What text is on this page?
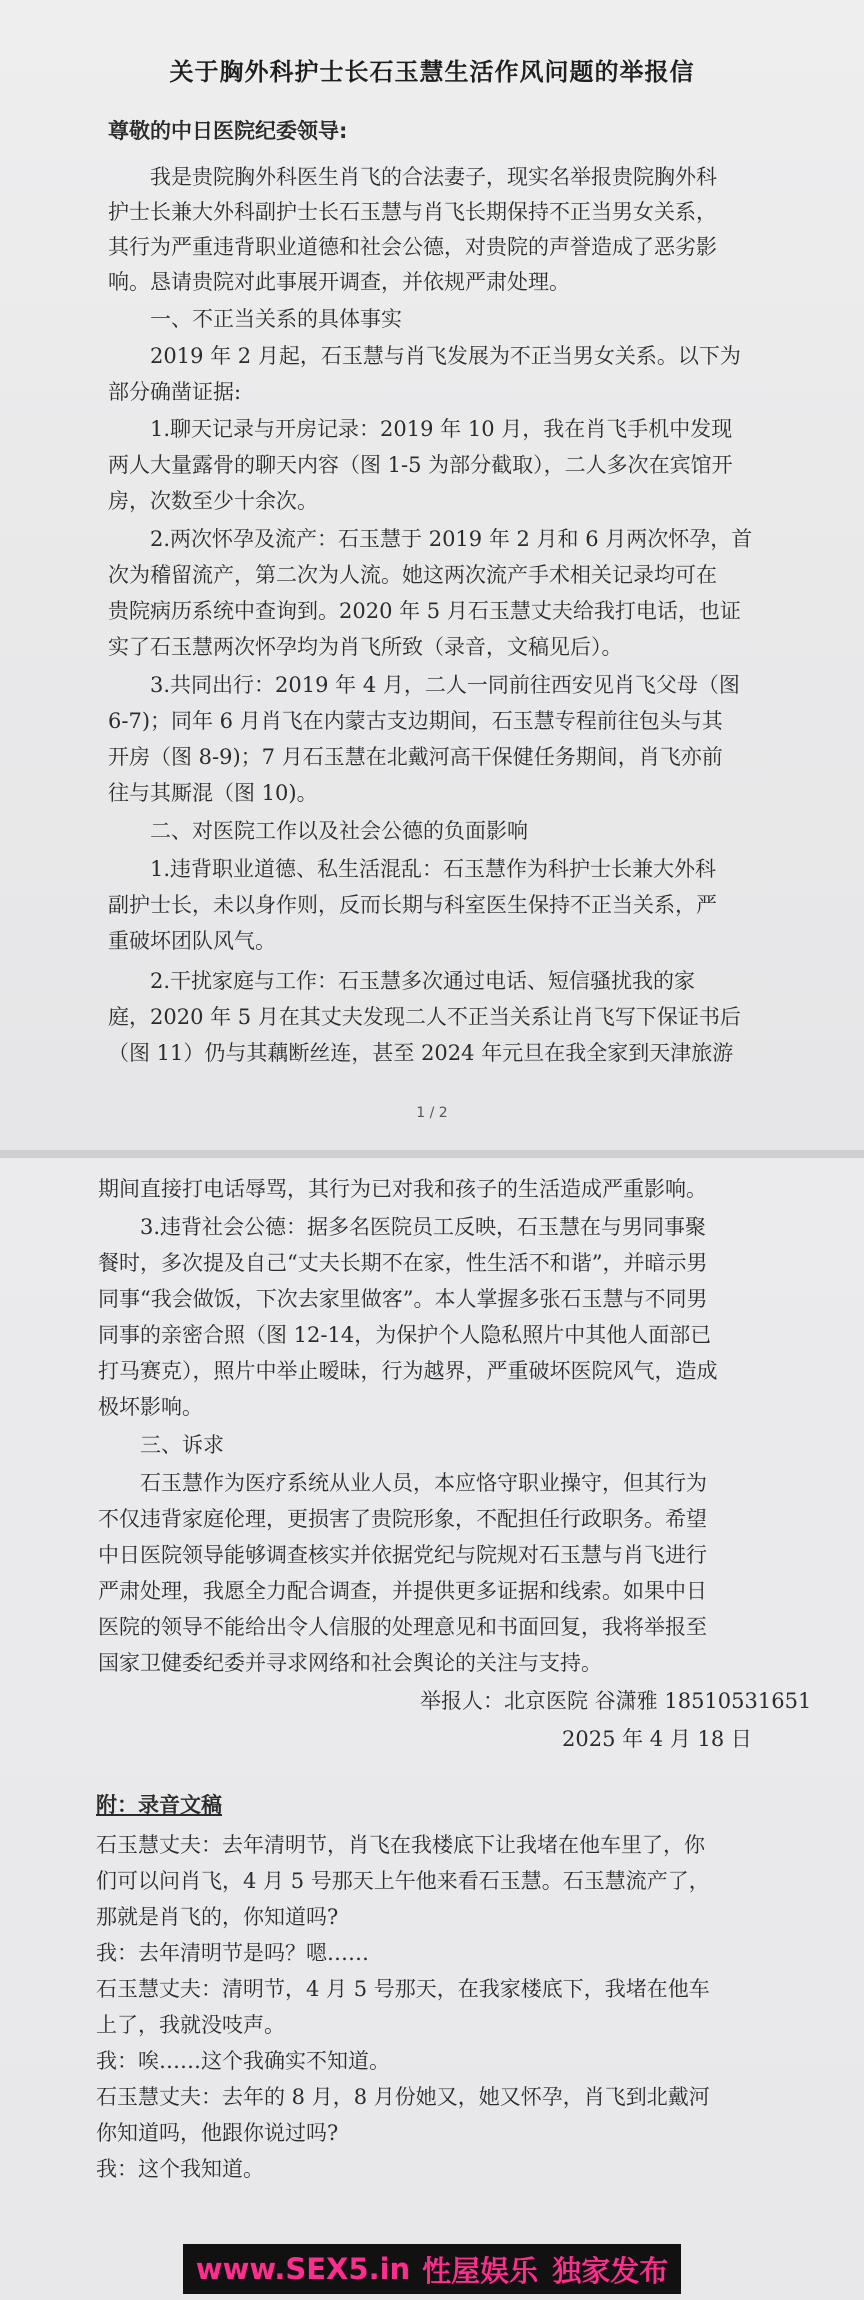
关于胸外科护士长石玉慧生活作风问题的举报信
尊敬的中日医院纪委领导:
我是贵院胸外科医生肖飞的合法妻子，现实名举报贵院胸外科
护士长兼大外科副护士长石玉慧与肖飞长期保持不正当男女关系，
其行为严重违背职业道德和社会公德，对贵院的声誉造成了恶劣影
响。恳请贵院对此事展开调查，并依规严肃处理。
一、不正当关系的具体事实
2019 年 2 月起，石玉慧与肖飞发展为不正当男女关系。以下为
部分确凿证据:
1.聊天记录与开房记录：2019 年 10 月，我在肖飞手机中发现
两人大量露骨的聊天内容（图 1-5 为部分截取），二人多次在宾馆开
房，次数至少十余次。
2.两次怀孕及流产：石玉慧于 2019 年 2 月和 6 月两次怀孕，首
次为稽留流产，第二次为人流。她这两次流产手术相关记录均可在
贵院病历系统中查询到。2020 年 5 月石玉慧丈夫给我打电话，也证
实了石玉慧两次怀孕均为肖飞所致（录音，文稿见后）。
3.共同出行：2019 年 4 月，二人一同前往西安见肖飞父母（图
6-7)；同年 6 月肖飞在内蒙古支边期间，石玉慧专程前往包头与其
开房（图 8-9)；7 月石玉慧在北戴河高干保健任务期间，肖飞亦前
往与其厮混（图 10)。
二、对医院工作以及社会公德的负面影响
1.违背职业道德、私生活混乱：石玉慧作为科护士长兼大外科
副护士长，未以身作则，反而长期与科室医生保持不正当关系，严
重破坏团队风气。
2.干扰家庭与工作：石玉慧多次通过电话、短信骚扰我的家
庭，2020 年 5 月在其丈夫发现二人不正当关系让肖飞写下保证书后
（图 11）仍与其藕断丝连，甚至 2024 年元旦在我全家到天津旅游
1 / 2
期间直接打电话辱骂，其行为已对我和孩子的生活造成严重影响。
3.违背社会公德：据多名医院员工反映，石玉慧在与男同事聚
餐时，多次提及自己“丈夫长期不在家，性生活不和谐”，并暗示男
同事“我会做饭，下次去家里做客”。本人掌握多张石玉慧与不同男
同事的亲密合照（图 12-14，为保护个人隐私照片中其他人面部已
打马赛克），照片中举止暧昧，行为越界，严重破坏医院风气，造成
极坏影响。
三、诉求
石玉慧作为医疗系统从业人员，本应恪守职业操守，但其行为
不仅违背家庭伦理，更损害了贵院形象，不配担任行政职务。希望
中日医院领导能够调查核实并依据党纪与院规对石玉慧与肖飞进行
严肃处理，我愿全力配合调查，并提供更多证据和线索。如果中日
医院的领导不能给出令人信服的处理意见和书面回复，我将举报至
国家卫健委纪委并寻求网络和社会舆论的关注与支持。
举报人：北京医院 谷潇雅 18510531651
2025 年 4 月 18 日
附：录音文稿
石玉慧丈夫：去年清明节，肖飞在我楼底下让我堵在他车里了，你
们可以问肖飞，4 月 5 号那天上午他来看石玉慧。石玉慧流产了，
那就是肖飞的，你知道吗?
我：去年清明节是吗？嗯……
石玉慧丈夫：清明节，4 月 5 号那天，在我家楼底下，我堵在他车
上了，我就没吱声。
我：唉……这个我确实不知道。
石玉慧丈夫：去年的 8 月，8 月份她又，她又怀孕，肖飞到北戴河
你知道吗，他跟你说过吗?
我：这个我知道。
www.SEX5.in 性屋娱乐 独家发布
